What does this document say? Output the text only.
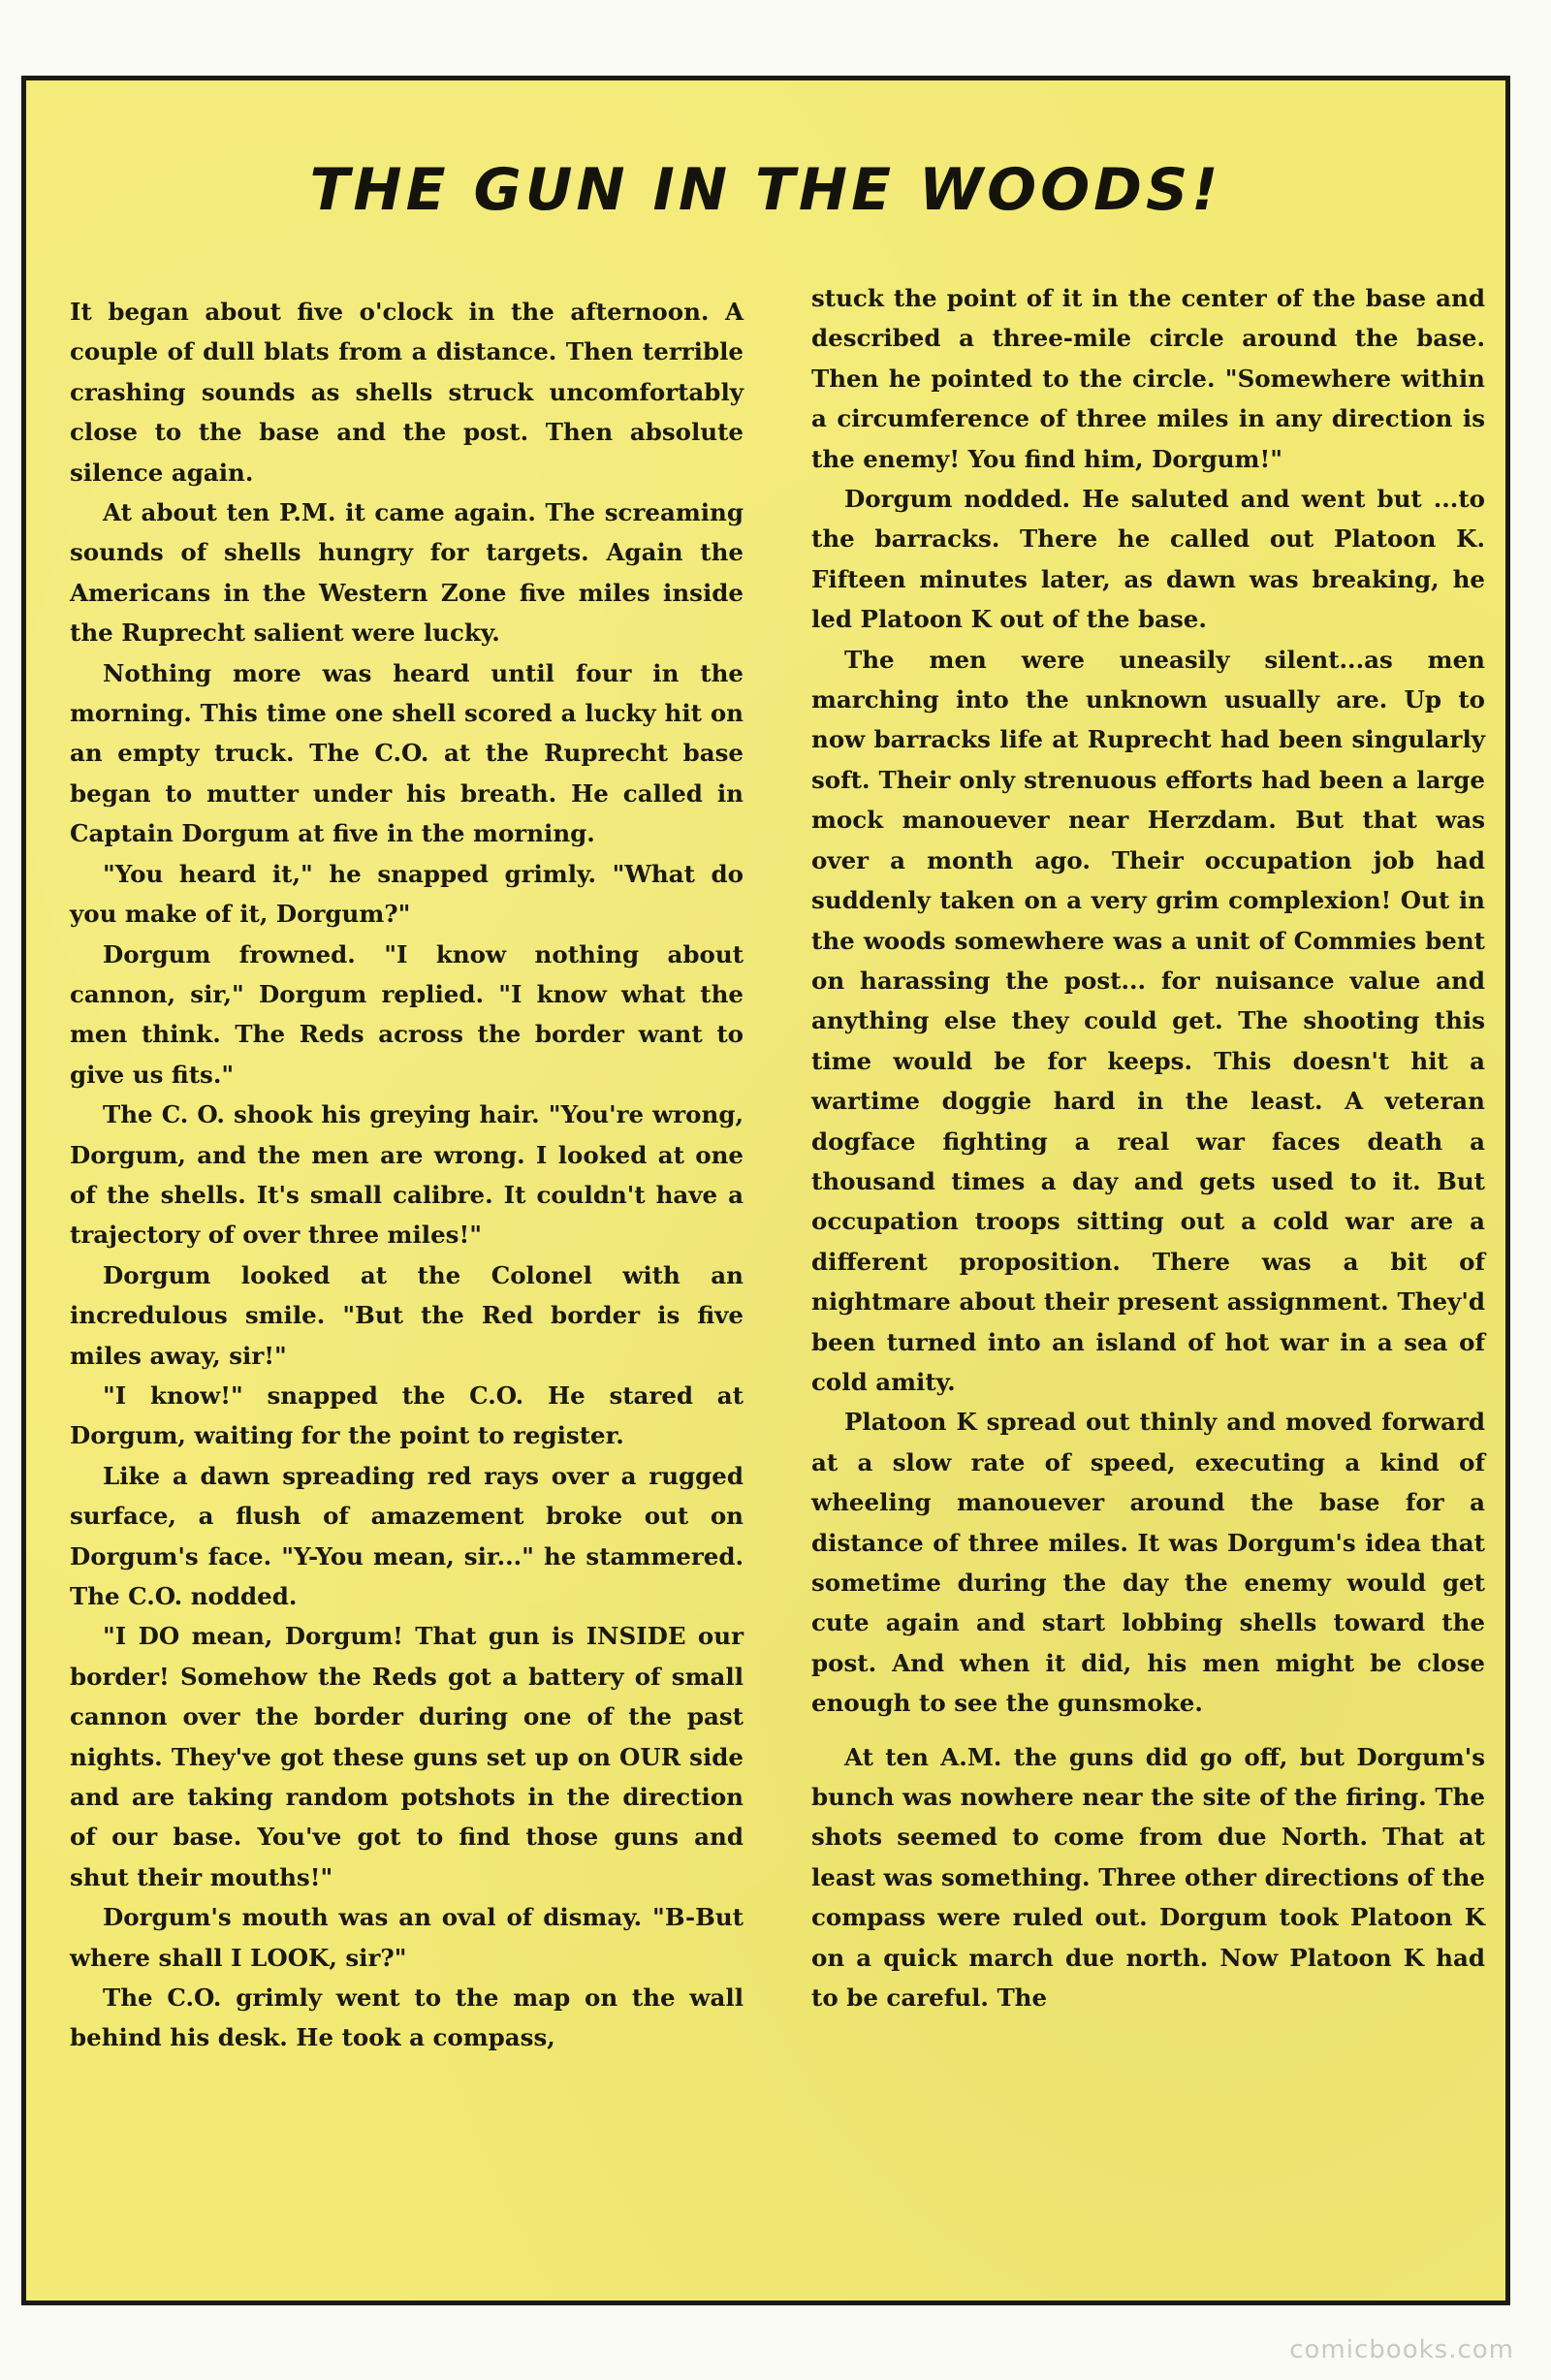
THE GUN IN THE WOODS!

It began about five o'clock in the afternoon. A couple of dull blats from a distance. Then terrible crashing sounds as shells struck uncomfortably close to the base and the post. Then absolute silence again.

At about ten P.M. it came again. The screaming sounds of shells hungry for targets. Again the Americans in the Western Zone five miles inside the Ruprecht salient were lucky.

Nothing more was heard until four in the morning. This time one shell scored a lucky hit on an empty truck. The C.O. at the Ruprecht base began to mutter under his breath. He called in Captain Dorgum at five in the morning.

"You heard it," he snapped grimly. "What do you make of it, Dorgum?"

Dorgum frowned. "I know nothing about cannon, sir," Dorgum replied. "I know what the men think. The Reds across the border want to give us fits."

The C. O. shook his greying hair. "You're wrong, Dorgum, and the men are wrong. I looked at one of the shells. It's small calibre. It couldn't have a trajectory of over three miles!"

Dorgum looked at the Colonel with an incredulous smile. "But the Red border is five miles away, sir!"

"I know!" snapped the C.O. He stared at Dorgum, waiting for the point to register.

Like a dawn spreading red rays over a rugged surface, a flush of amazement broke out on Dorgum's face. "Y-You mean, sir..." he stammered. The C.O. nodded.

"I DO mean, Dorgum! That gun is INSIDE our border! Somehow the Reds got a battery of small cannon over the border during one of the past nights. They've got these guns set up on OUR side and are taking random potshots in the direction of our base. You've got to find those guns and shut their mouths!"

Dorgum's mouth was an oval of dismay. "B-But where shall I LOOK, sir?"

The C.O. grimly went to the map on the wall behind his desk. He took a compass,

stuck the point of it in the center of the base and described a three-mile circle around the base. Then he pointed to the circle. "Somewhere within a circumference of three miles in any direction is the enemy! You find him, Dorgum!"

Dorgum nodded. He saluted and went but ...to the barracks. There he called out Platoon K. Fifteen minutes later, as dawn was breaking, he led Platoon K out of the base.

The men were uneasily silent...as men marching into the unknown usually are. Up to now barracks life at Ruprecht had been singularly soft. Their only strenuous efforts had been a large mock manouever near Herzdam. But that was over a month ago. Their occupation job had suddenly taken on a very grim complexion! Out in the woods somewhere was a unit of Commies bent on harassing the post... for nuisance value and anything else they could get. The shooting this time would be for keeps. This doesn't hit a wartime doggie hard in the least. A veteran dogface fighting a real war faces death a thousand times a day and gets used to it. But occupation troops sitting out a cold war are a different proposition. There was a bit of nightmare about their present assignment. They'd been turned into an island of hot war in a sea of cold amity.

Platoon K spread out thinly and moved forward at a slow rate of speed, executing a kind of wheeling manouever around the base for a distance of three miles. It was Dorgum's idea that sometime during the day the enemy would get cute again and start lobbing shells toward the post. And when it did, his men might be close enough to see the gunsmoke.

At ten A.M. the guns did go off, but Dorgum's bunch was nowhere near the site of the firing. The shots seemed to come from due North. That at least was something. Three other directions of the compass were ruled out. Dorgum took Platoon K on a quick march due north. Now Platoon K had to be careful. The

comicbooks.com
